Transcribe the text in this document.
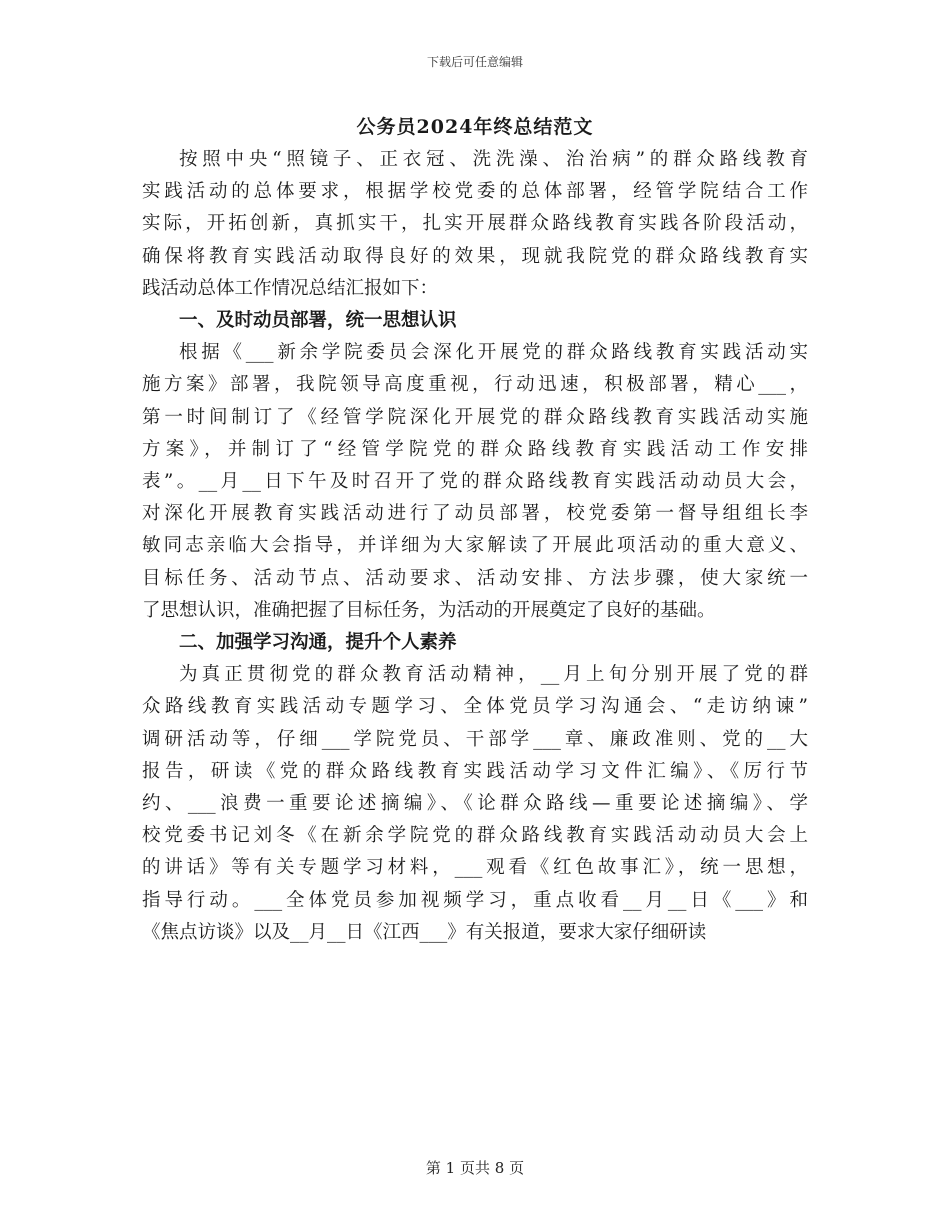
下载后可任意编辑
公务员2024年终总结范文
按照中央“照镜子、正衣冠、洗洗澡、治治病”的群众路线教育
实践活动的总体要求，根据学校党委的总体部署，经管学院结合工作
实际，开拓创新，真抓实干，扎实开展群众路线教育实践各阶段活动，
确保将教育实践活动取得良好的效果，现就我院党的群众路线教育实
践活动总体工作情况总结汇报如下：
一、及时动员部署，统一思想认识
根据《___新余学院委员会深化开展党的群众路线教育实践活动实
施方案》部署，我院领导高度重视，行动迅速，积极部署，精心___，
第一时间制订了《经管学院深化开展党的群众路线教育实践活动实施
方案》，并制订了“经管学院党的群众路线教育实践活动工作安排
表”。__月__日下午及时召开了党的群众路线教育实践活动动员大会，
对深化开展教育实践活动进行了动员部署，校党委第一督导组组长李
敏同志亲临大会指导，并详细为大家解读了开展此项活动的重大意义、
目标任务、活动节点、活动要求、活动安排、方法步骤，使大家统一
了思想认识，准确把握了目标任务，为活动的开展奠定了良好的基础。
二、加强学习沟通，提升个人素养
为真正贯彻党的群众教育活动精神，__月上旬分别开展了党的群
众路线教育实践活动专题学习、全体党员学习沟通会、“走访纳谏”
调研活动等，仔细___学院党员、干部学___章、廉政准则、党的__大
报告，研读《党的群众路线教育实践活动学习文件汇编》、《厉行节
约、___浪费一重要论述摘编》、《论群众路线—重要论述摘编》、学
校党委书记刘冬《在新余学院党的群众路线教育实践活动动员大会上
的讲话》等有关专题学习材料，___观看《红色故事汇》，统一思想，
指导行动。___全体党员参加视频学习，重点收看__月__日《___》和
《焦点访谈》以及__月__日《江西___》有关报道，要求大家仔细研读
第 1 页共 8 页
